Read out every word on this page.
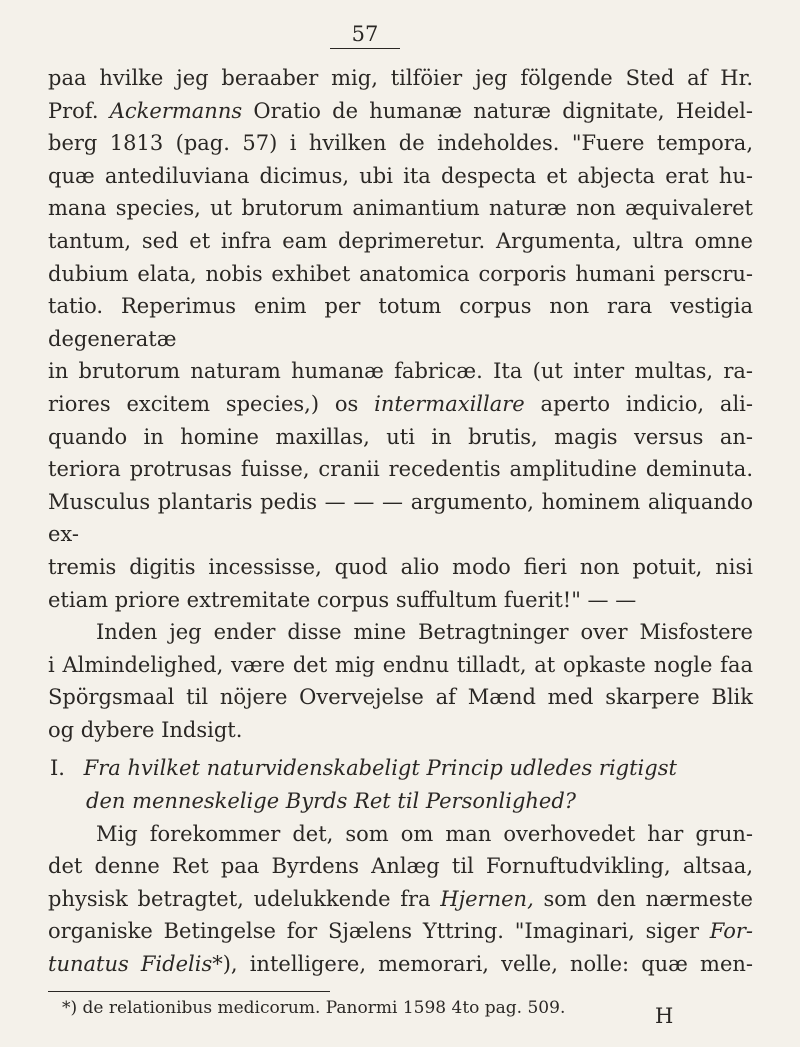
57
paa hvilke jeg beraaber mig, tilföier jeg fölgende Sted af Hr.
Prof. Ackermanns Oratio de humanæ naturæ dignitate, Heidel-
berg 1813 (pag. 57) i hvilken de indeholdes. "Fuere tempora,
quæ antediluviana dicimus, ubi ita despecta et abjecta erat hu-
mana species, ut brutorum animantium naturæ non æquivaleret
tantum, sed et infra eam deprimeretur. Argumenta, ultra omne
dubium elata, nobis exhibet anatomica corporis humani perscru-
tatio. Reperimus enim per totum corpus non rara vestigia degeneratæ
in brutorum naturam humanæ fabricæ. Ita (ut inter multas, ra-
riores excitem species,) os intermaxillare aperto indicio, ali-
quando in homine maxillas, uti in brutis, magis versus an-
teriora protrusas fuisse, cranii recedentis amplitudine deminuta.
Musculus plantaris pedis — — — argumento, hominem aliquando ex-
tremis digitis incessisse, quod alio modo fieri non potuit, nisi
etiam priore extremitate corpus suffultum fuerit!" — —
Inden jeg ender disse mine Betragtninger over Misfostere
i Almindelighed, være det mig endnu tilladt, at opkaste nogle faa
Spörgsmaal til nöjere Overvejelse af Mænd med skarpere Blik
og dybere Indsigt.
I. Fra hvilket naturvidenskabeligt Princip udledes rigtigst
den menneskelige Byrds Ret til Personlighed?
Mig forekommer det, som om man overhovedet har grun-
det denne Ret paa Byrdens Anlæg til Fornuftudvikling, altsaa,
physisk betragtet, udelukkende fra Hjernen, som den nærmeste
organiske Betingelse for Sjælens Yttring. "Imaginari, siger For-
tunatus Fidelis*), intelligere, memorari, velle, nolle: quæ men-
*) de relationibus medicorum. Panormi 1598 4to pag. 509.	H
